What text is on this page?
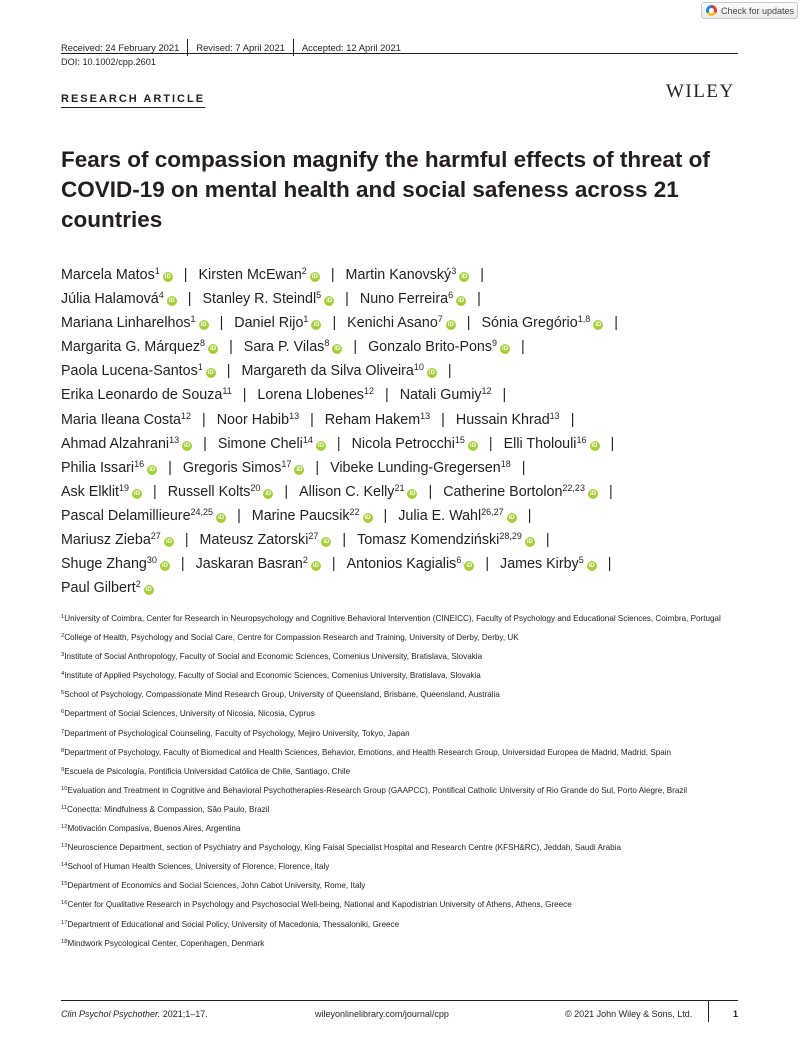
Check for updates
Received: 24 February 2021 Revised: 7 April 2021 Accepted: 12 April 2021
DOI: 10.1002/cpp.2601
RESEARCH ARTICLE	WILEY
Fears of compassion magnify the harmful effects of threat of COVID-19 on mental health and social safeness across 21 countries
Marcela Matos$^1$iD | Kirsten McEwan$^2$iD | Martin Kanovský$^3$iD |
Júlia Halamová$^4$iD | Stanley R. Steindl$^5$iD | Nuno Ferreira$^6$iD |
Mariana Linharelhos$^1$iD | Daniel Rijo$^1$iD | Kenichi Asano$^7$iD | Sónia Gregório$^{1,8}$iD |
Margarita G. Márquez$^8$iD | Sara P. Vilas$^8$iD | Gonzalo Brito-Pons$^9$iD |
Paola Lucena-Santos$^1$iD | Margareth da Silva Oliveira$^{10}$iD |
Erika Leonardo de Souza$^{11}$ | Lorena Llobenes$^{12}$ | Natali Gumiy$^{12}$ |
Maria Ileana Costa$^{12}$ | Noor Habib$^{13}$ | Reham Hakem$^{13}$ | Hussain Khrad$^{13}$ |
Ahmad Alzahrani$^{13}$iD | Simone Cheli$^{14}$iD | Nicola Petrocchi$^{15}$iD | Elli Tholouli$^{16}$iD |
Philia Issari$^{16}$iD | Gregoris Simos$^{17}$iD | Vibeke Lunding-Gregersen$^{18}$ |
Ask Elklit$^{19}$iD | Russell Kolts$^{20}$iD | Allison C. Kelly$^{21}$iD | Catherine Bortolon$^{22,23}$iD |
Pascal Delamillieure$^{24,25}$iD | Marine Paucsik$^{22}$iD | Julia E. Wahl$^{26,27}$iD |
Mariusz Zieba$^{27}$iD | Mateusz Zatorski$^{27}$iD | Tomasz Komendziński$^{28,29}$iD |
Shuge Zhang$^{30}$iD | Jaskaran Basran$^2$iD | Antonios Kagialis$^6$iD | James Kirby$^5$iD |
Paul Gilbert$^2$iD
$^1$University of Coimbra, Center for Research in Neuropsychology and Cognitive Behavioral Intervention (CINEICC), Faculty of Psychology and Educational Sciences, Coimbra, Portugal
$^2$College of Health, Psychology and Social Care, Centre for Compassion Research and Training, University of Derby, Derby, UK
$^3$Institute of Social Anthropology, Faculty of Social and Economic Sciences, Comenius University, Bratislava, Slovakia
$^4$Institute of Applied Psychology, Faculty of Social and Economic Sciences, Comenius University, Bratislava, Slovakia
$^5$School of Psychology, Compassionate Mind Research Group, University of Queensland, Brisbane, Queensland, Australia
$^6$Department of Social Sciences, University of Nicosia, Nicosia, Cyprus
$^7$Department of Psychological Counseling, Faculty of Psychology, Mejiro University, Tokyo, Japan
$^8$Department of Psychology, Faculty of Biomedical and Health Sciences, Behavior, Emotions, and Health Research Group, Universidad Europea de Madrid, Madrid, Spain
$^9$Escuela de Psicología, Pontificia Universidad Católica de Chile, Santiago, Chile
$^{10}$Evaluation and Treatment in Cognitive and Behavioral Psychotherapies-Research Group (GAAPCC), Pontifical Catholic University of Rio Grande do Sul, Porto Alegre, Brazil
$^{11}$Conectta: Mindfulness & Compassion, São Paulo, Brazil
$^{12}$Motivación Compasiva, Buenos Aires, Argentina
$^{13}$Neuroscience Department, section of Psychiatry and Psychology, King Faisal Specialist Hospital and Research Centre (KFSH&RC), Jeddah, Saudi Arabia
$^{14}$School of Human Health Sciences, University of Florence, Florence, Italy
$^{15}$Department of Economics and Social Sciences, John Cabot University, Rome, Italy
$^{16}$Center for Qualitative Research in Psychology and Psychosocial Well-being, National and Kapodistrian University of Athens, Athens, Greece
$^{17}$Department of Educational and Social Policy, University of Macedonia, Thessaloniki, Greece
$^{18}$Mindwork Psycological Center, Copenhagen, Denmark
Clin Psychol Psychother. 2021;1–17.	wileyonlinelibrary.com/journal/cpp	© 2021 John Wiley & Sons, Ltd.	1
